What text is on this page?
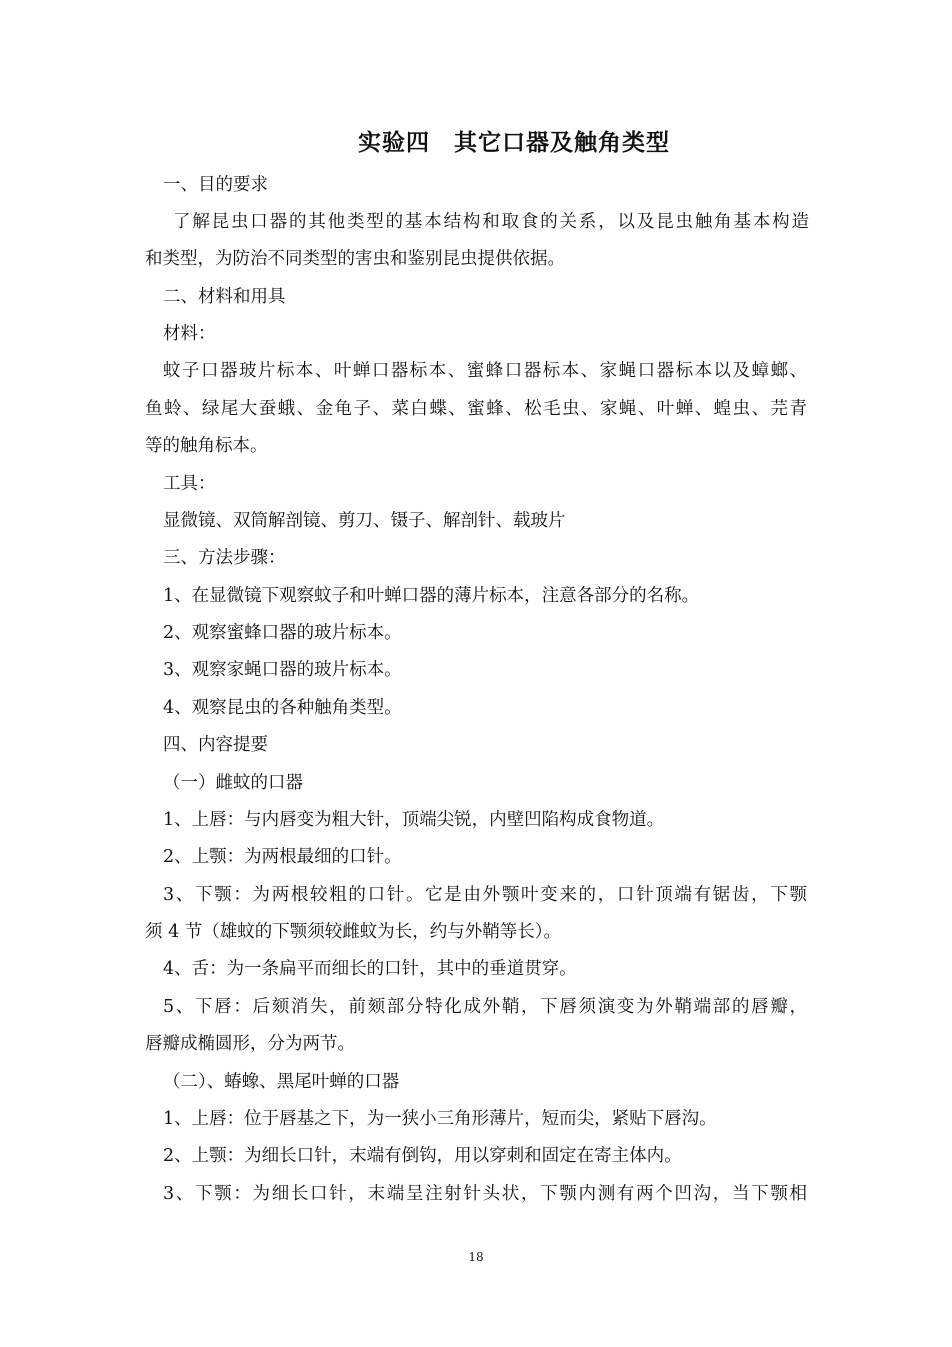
实验四　其它口器及触角类型
一、目的要求
了解昆虫口器的其他类型的基本结构和取食的关系，以及昆虫触角基本构造
和类型，为防治不同类型的害虫和鉴别昆虫提供依据。
二、材料和用具
材料：
蚊子口器玻片标本、叶蝉口器标本、蜜蜂口器标本、家蝇口器标本以及蟑螂、
鱼蛉、绿尾大蚕蛾、金龟子、菜白蝶、蜜蜂、松毛虫、家蝇、叶蝉、蝗虫、芫青
等的触角标本。
工具：
显微镜、双筒解剖镜、剪刀、镊子、解剖针、载玻片
三、方法步骤：
1、在显微镜下观察蚊子和叶蝉口器的薄片标本，注意各部分的名称。
2、观察蜜蜂口器的玻片标本。
3、观察家蝇口器的玻片标本。
4、观察昆虫的各种触角类型。
四、内容提要
（一）雌蚊的口器
1、上唇：与内唇变为粗大针，顶端尖锐，内壁凹陷构成食物道。
2、上颚：为两根最细的口针。
3、下颚：为两根较粗的口针。它是由外颚叶变来的，口针顶端有锯齿，下颚
须 4 节（雄蚊的下颚须较雌蚊为长，约与外鞘等长）。
4、舌：为一条扁平而细长的口针，其中的垂道贯穿。
5、下唇：后颏消失，前颏部分特化成外鞘，下唇须演变为外鞘端部的唇瓣，
唇瓣成椭圆形，分为两节。
（二）、蝽蟓、黑尾叶蝉的口器
1、上唇：位于唇基之下，为一狭小三角形薄片，短而尖，紧贴下唇沟。
2、上颚：为细长口针，末端有倒钩，用以穿刺和固定在寄主体内。
3、下颚：为细长口针，末端呈注射针头状，下颚内测有两个凹沟，当下颚相
18
